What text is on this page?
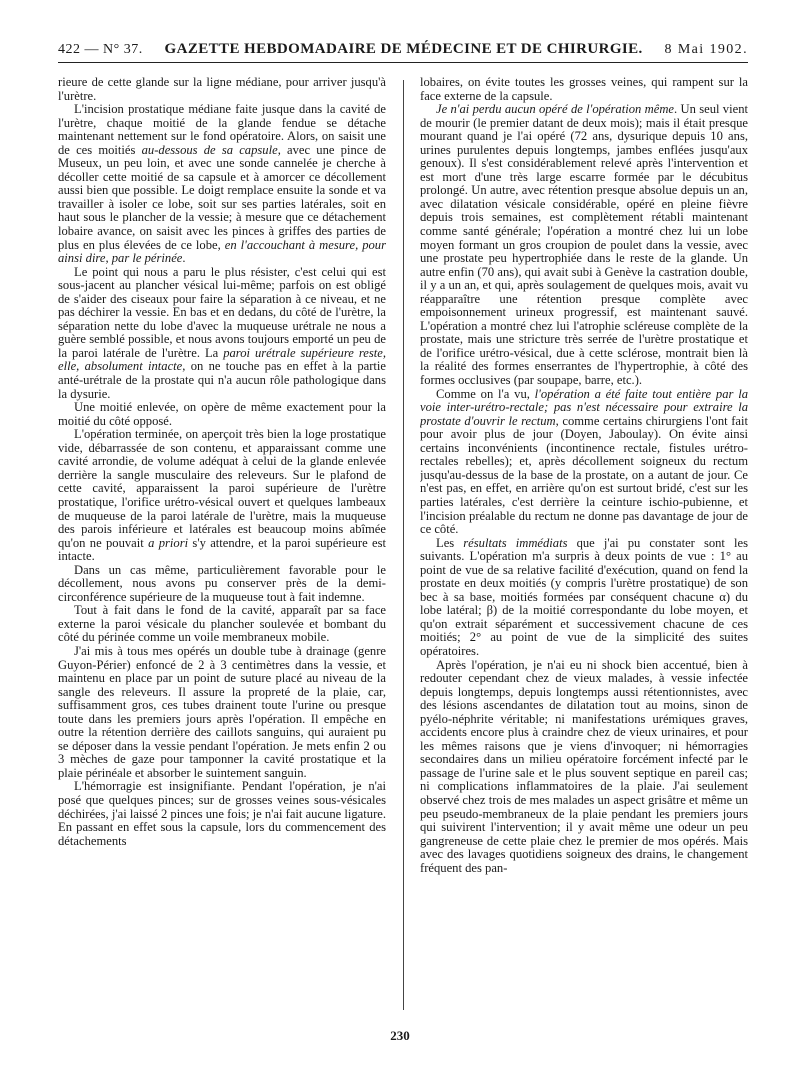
422 — N° 37. GAZETTE HEBDOMADAIRE DE MÉDECINE ET DE CHIRURGIE. 8 Mai 1902.

rieure de cette glande sur la ligne médiane, pour arriver jusqu'à l'urètre.

L'incision prostatique médiane faite jusque dans la cavité de l'urètre, chaque moitié de la glande fendue se détache maintenant nettement sur le fond opératoire. Alors, on saisit une de ces moitiés au-dessous de sa capsule, avec une pince de Museux, un peu loin, et avec une sonde cannelée je cherche à décoller cette moitié de sa capsule et à amorcer ce décollement aussi bien que possible. Le doigt remplace ensuite la sonde et va travailler à isoler ce lobe, soit sur ses parties latérales, soit en haut sous le plancher de la vessie; à mesure que ce détachement lobaire avance, on saisit avec les pinces à griffes des parties de plus en plus élevées de ce lobe, en l'accouchant à mesure, pour ainsi dire, par le périnée.

Le point qui nous a paru le plus résister, c'est celui qui est sous-jacent au plancher vésical lui-même; parfois on est obligé de s'aider des ciseaux pour faire la séparation à ce niveau, et ne pas déchirer la vessie. En bas et en dedans, du côté de l'urètre, la séparation nette du lobe d'avec la muqueuse urétrale ne nous a guère semblé possible, et nous avons toujours emporté un peu de la paroi latérale de l'urètre. La paroi urétrale supérieure reste, elle, absolument intacte, on ne touche pas en effet à la partie anté-urétrale de la prostate qui n'a aucun rôle pathologique dans la dysurie.

Une moitié enlevée, on opère de même exactement pour la moitié du côté opposé.

L'opération terminée, on aperçoit très bien la loge prostatique vide, débarrassée de son contenu, et apparaissant comme une cavité arrondie, de volume adéquat à celui de la glande enlevée derrière la sangle musculaire des releveurs. Sur le plafond de cette cavité, apparaissent la paroi supérieure de l'urètre prostatique, l'orifice urétro-vésical ouvert et quelques lambeaux de muqueuse de la paroi latérale de l'urètre, mais la muqueuse des parois inférieure et latérales est beaucoup moins abîmée qu'on ne pouvait a priori s'y attendre, et la paroi supérieure est intacte.

Dans un cas même, particulièrement favorable pour le décollement, nous avons pu conserver près de la demi-circonférence supérieure de la muqueuse tout à fait indemne.

Tout à fait dans le fond de la cavité, apparaît par sa face externe la paroi vésicale du plancher soulevée et bombant du côté du périnée comme un voile membraneux mobile.

J'ai mis à tous mes opérés un double tube à drainage (genre Guyon-Périer) enfoncé de 2 à 3 centimètres dans la vessie, et maintenu en place par un point de suture placé au niveau de la sangle des releveurs. Il assure la propreté de la plaie, car, suffisamment gros, ces tubes drainent toute l'urine ou presque toute dans les premiers jours après l'opération. Il empêche en outre la rétention derrière des caillots sanguins, qui auraient pu se déposer dans la vessie pendant l'opération. Je mets enfin 2 ou 3 mèches de gaze pour tamponner la cavité prostatique et la plaie périnéale et absorber le suintement sanguin.

L'hémorragie est insignifiante. Pendant l'opération, je n'ai posé que quelques pinces; sur de grosses veines sous-vésicales déchirées, j'ai laissé 2 pinces une fois; je n'ai fait aucune ligature. En passant en effet sous la capsule, lors du commencement des détachements

lobaires, on évite toutes les grosses veines, qui rampent sur la face externe de la capsule.

Je n'ai perdu aucun opéré de l'opération même. Un seul vient de mourir (le premier datant de deux mois); mais il était presque mourant quand je l'ai opéré (72 ans, dysurique depuis 10 ans, urines purulentes depuis longtemps, jambes enflées jusqu'aux genoux). Il s'est considérablement relevé après l'intervention et est mort d'une très large escarre formée par le décubitus prolongé. Un autre, avec rétention presque absolue depuis un an, avec dilatation vésicale considérable, opéré en pleine fièvre depuis trois semaines, est complètement rétabli maintenant comme santé générale; l'opération a montré chez lui un lobe moyen formant un gros croupion de poulet dans la vessie, avec une prostate peu hypertrophiée dans le reste de la glande. Un autre enfin (70 ans), qui avait subi à Genève la castration double, il y a un an, et qui, après soulagement de quelques mois, avait vu réapparaître une rétention presque complète avec empoisonnement urineux progressif, est maintenant sauvé. L'opération a montré chez lui l'atrophie scléreuse complète de la prostate, mais une stricture très serrée de l'urètre prostatique et de l'orifice urétro-vésical, due à cette sclérose, montrait bien là la réalité des formes enserrantes de l'hypertrophie, à côté des formes occlusives (par soupape, barre, etc.).

Comme on l'a vu, l'opération a été faite tout entière par la voie inter-urétro-rectale; pas n'est nécessaire pour extraire la prostate d'ouvrir le rectum, comme certains chirurgiens l'ont fait pour avoir plus de jour (Doyen, Jaboulay). On évite ainsi certains inconvénients (incontinence rectale, fistules urétro-rectales rebelles); et, après décollement soigneux du rectum jusqu'au-dessus de la base de la prostate, on a autant de jour. Ce n'est pas, en effet, en arrière qu'on est surtout bridé, c'est sur les parties latérales, c'est derrière la ceinture ischio-pubienne, et l'incision préalable du rectum ne donne pas davantage de jour de ce côté.

Les résultats immédiats que j'ai pu constater sont les suivants. L'opération m'a surpris à deux points de vue : 1° au point de vue de sa relative facilité d'exécution, quand on fend la prostate en deux moitiés (y compris l'urètre prostatique) de son bec à sa base, moitiés formées par conséquent chacune α) du lobe latéral; β) de la moitié correspondante du lobe moyen, et qu'on extrait séparément et successivement chacune de ces moitiés; 2° au point de vue de la simplicité des suites opératoires.

Après l'opération, je n'ai eu ni shock bien accentué, bien à redouter cependant chez de vieux malades, à vessie infectée depuis longtemps, depuis longtemps aussi rétentionnistes, avec des lésions ascendantes de dilatation tout au moins, sinon de pyélo-néphrite véritable; ni manifestations urémiques graves, accidents encore plus à craindre chez de vieux urinaires, et pour les mêmes raisons que je viens d'invoquer; ni hémorragies secondaires dans un milieu opératoire forcément infecté par le passage de l'urine sale et le plus souvent septique en pareil cas; ni complications inflammatoires de la plaie. J'ai seulement observé chez trois de mes malades un aspect grisâtre et même un peu pseudo-membraneux de la plaie pendant les premiers jours qui suivirent l'intervention; il y avait même une odeur un peu gangreneuse de cette plaie chez le premier de mos opérés. Mais avec des lavages quotidiens soigneux des drains, le changement fréquent des pan-

230
